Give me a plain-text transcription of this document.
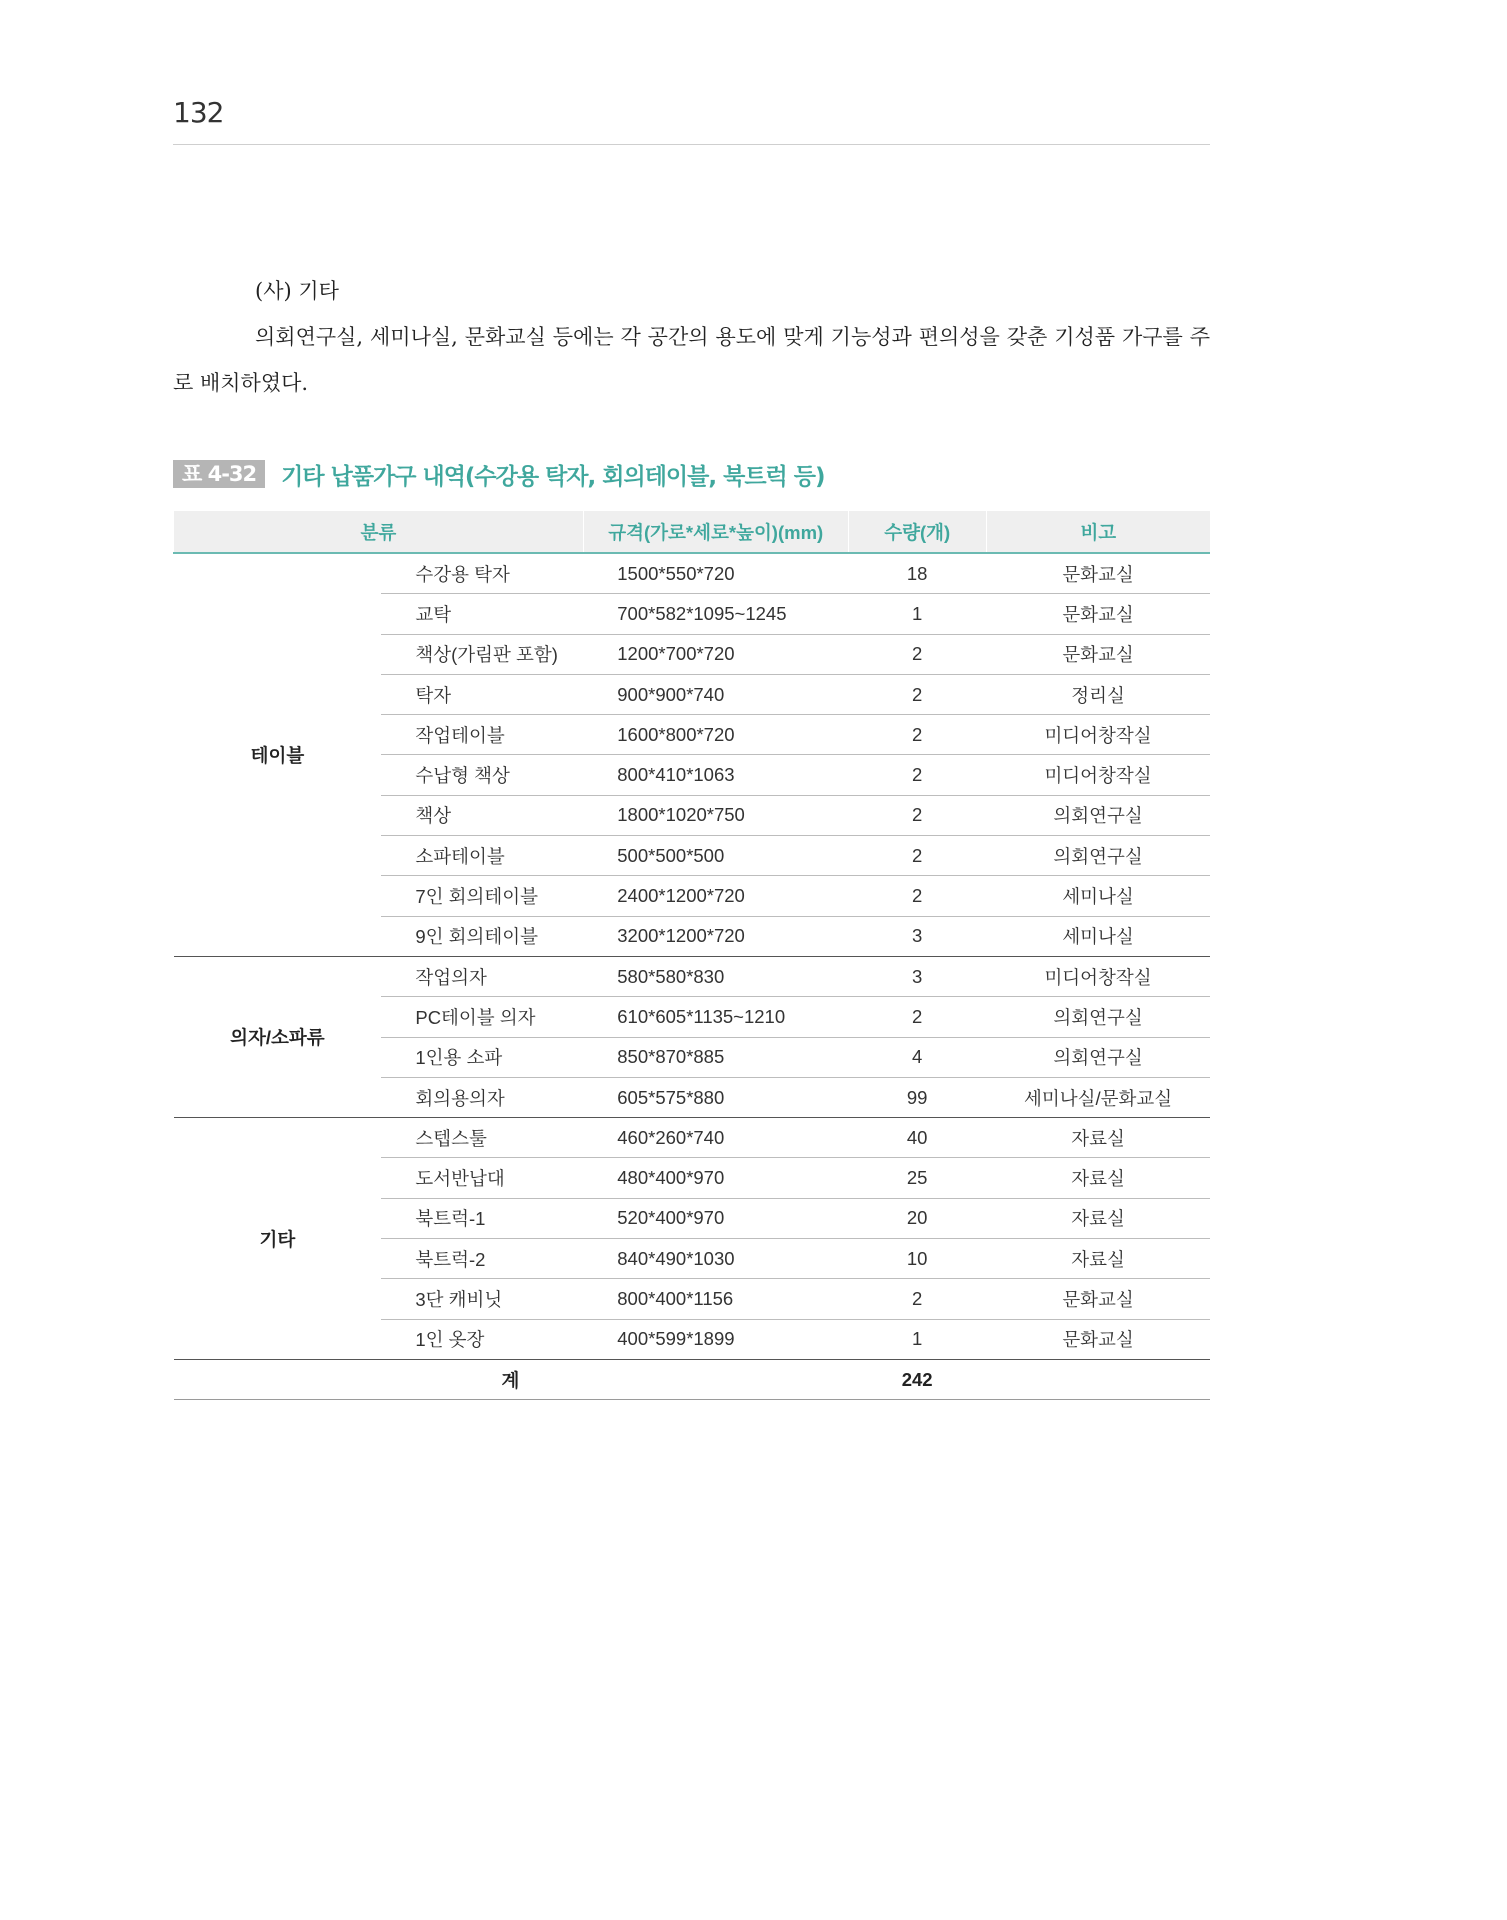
132
(사) 기타
의회연구실, 세미나실, 문화교실 등에는 각 공간의 용도에 맞게 기능성과 편의성을 갖춘 기성품 가구를 주로 배치하였다.
표 4-32	기타 납품가구 내역(수강용 탁자, 회의테이블, 북트럭 등)
분류		규격(가로*세로*높이)(mm)	수량(개)	비고
테이블	수강용 탁자	1500*550*720	18	문화교실
	교탁	700*582*1095~1245	1	문화교실
	책상(가림판 포함)	1200*700*720	2	문화교실
	탁자	900*900*740	2	정리실
	작업테이블	1600*800*720	2	미디어창작실
	수납형 책상	800*410*1063	2	미디어창작실
	책상	1800*1020*750	2	의회연구실
	소파테이블	500*500*500	2	의회연구실
	7인 회의테이블	2400*1200*720	2	세미나실
	9인 회의테이블	3200*1200*720	3	세미나실
의자/소파류	작업의자	580*580*830	3	미디어창작실
	PC테이블 의자	610*605*1135~1210	2	의회연구실
	1인용 소파	850*870*885	4	의회연구실
	회의용의자	605*575*880	99	세미나실/문화교실
기타	스텝스툴	460*260*740	40	자료실
	도서반납대	480*400*970	25	자료실
	북트럭-1	520*400*970	20	자료실
	북트럭-2	840*490*1030	10	자료실
	3단 캐비닛	800*400*1156	2	문화교실
	1인 옷장	400*599*1899	1	문화교실
계			242	
